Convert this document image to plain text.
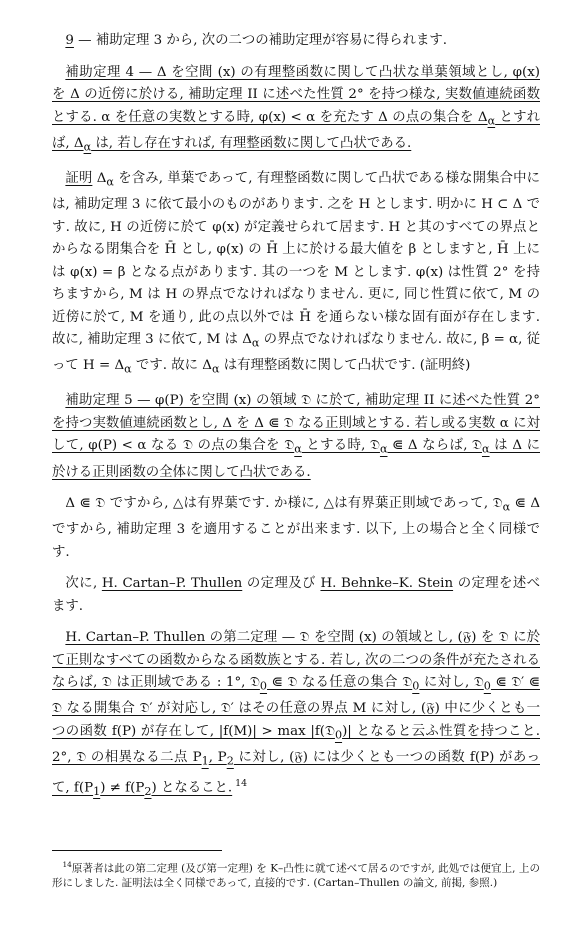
9 — 補助定理 3 から, 次の二つの補助定理が容易に得られます.

補助定理 4 — Δ を空間 (x) の有理整函数に関して凸状な単葉領域とし, φ(x) を Δ の近傍に於ける, 補助定理 II に述べた性質 2° を持つ様な, 実数値連続函数とする. α を任意の実数とする時, φ(x) < α を充たす Δ の点の集合を $\Delta_\alpha$ とすれば, $\Delta_\alpha$ は, 若し存在すれば, 有理整函数に関して凸状である.

証明 $\Delta_\alpha$ を含み, 単葉であって, 有理整函数に関して凸状である様な開集合中には, 補助定理 3 に依て最小のものがあります. 之を H とします. 明かに H ⊂ Δ です. 故に, H の近傍に於て φ(x) が定義せられて居ます. H と其のすべての界点とからなる閉集合を H̄ とし, φ(x) の H̄ 上に於ける最大値を β としますと, H̄ 上には φ(x) = β となる点があります. 其の一つを M とします. φ(x) は性質 2° を持ちますから, M は H の界点でなければなりません. 更に, 同じ性質に依て, M の近傍に於て, M を通り, 此の点以外では H̄ を通らない様な固有面が存在します. 故に, 補助定理 3 に依て, M は $\Delta_\alpha$ の界点でなければなりません. 故に, β = α, 従って $H = \Delta_\alpha$ です. 故に $\Delta_\alpha$ は有理整函数に関して凸状です. (証明終)

補助定理 5 — φ(P) を空間 (x) の領域 𝔇 に於て, 補助定理 II に述べた性質 2° を持つ実数値連続函数とし, Δ を Δ ⋐ 𝔇 なる正則域とする. 若し或る実数 α に対して, φ(P) < α なる 𝔇 の点の集合を 𝔇$_\alpha$ とする時, 𝔇$_\alpha$ ⋐ Δ ならば, 𝔇$_\alpha$ は Δ に於ける正則函数の全体に関して凸状である.

Δ ⋐ 𝔇 ですから, △は有界葉です. か様に, △は有界葉正則域であって, 𝔇$_\alpha$ ⋐ Δ ですから, 補助定理 3 を適用することが出来ます. 以下, 上の場合と全く同様です.

次に, H. Cartan–P. Thullen の定理及び H. Behnke–K. Stein の定理を述べます.

H. Cartan–P. Thullen の第二定理 — 𝔇 を空間 (x) の領域とし, (𝔉) を 𝔇 に於て正則なすべての函数からなる函数族とする. 若し, 次の二つの条件が充たされるならば, 𝔇 は正則域である : 1°, 𝔇$_0$ ⋐ 𝔇 なる任意の集合 𝔇$_0$ に対し, 𝔇$_0$ ⋐ 𝔇′ ⋐ 𝔇 なる開集合 𝔇′ が対応し, 𝔇′ はその任意の界点 M に対し, (𝔉) 中に少くとも一つの函数 f(P) が存在して, |f(M)| > max |f(𝔇$_0$)| となると云ふ性質を持つこと. 2°, 𝔇 の相異なる二点 $P_1$, $P_2$ に対し, (𝔉) には少くとも一つの函数 f(P) があって, $f(P_1) \ne f(P_2)$ となること. $^{14}$

$^{14}$原著者は此の第二定理 (及び第一定理) を K–凸性に就て述べて居るのですが, 此処では便宜上, 上の形にしました. 証明法は全く同様であって, 直接的です. (Cartan–Thullen の論文, 前掲, 参照.)
